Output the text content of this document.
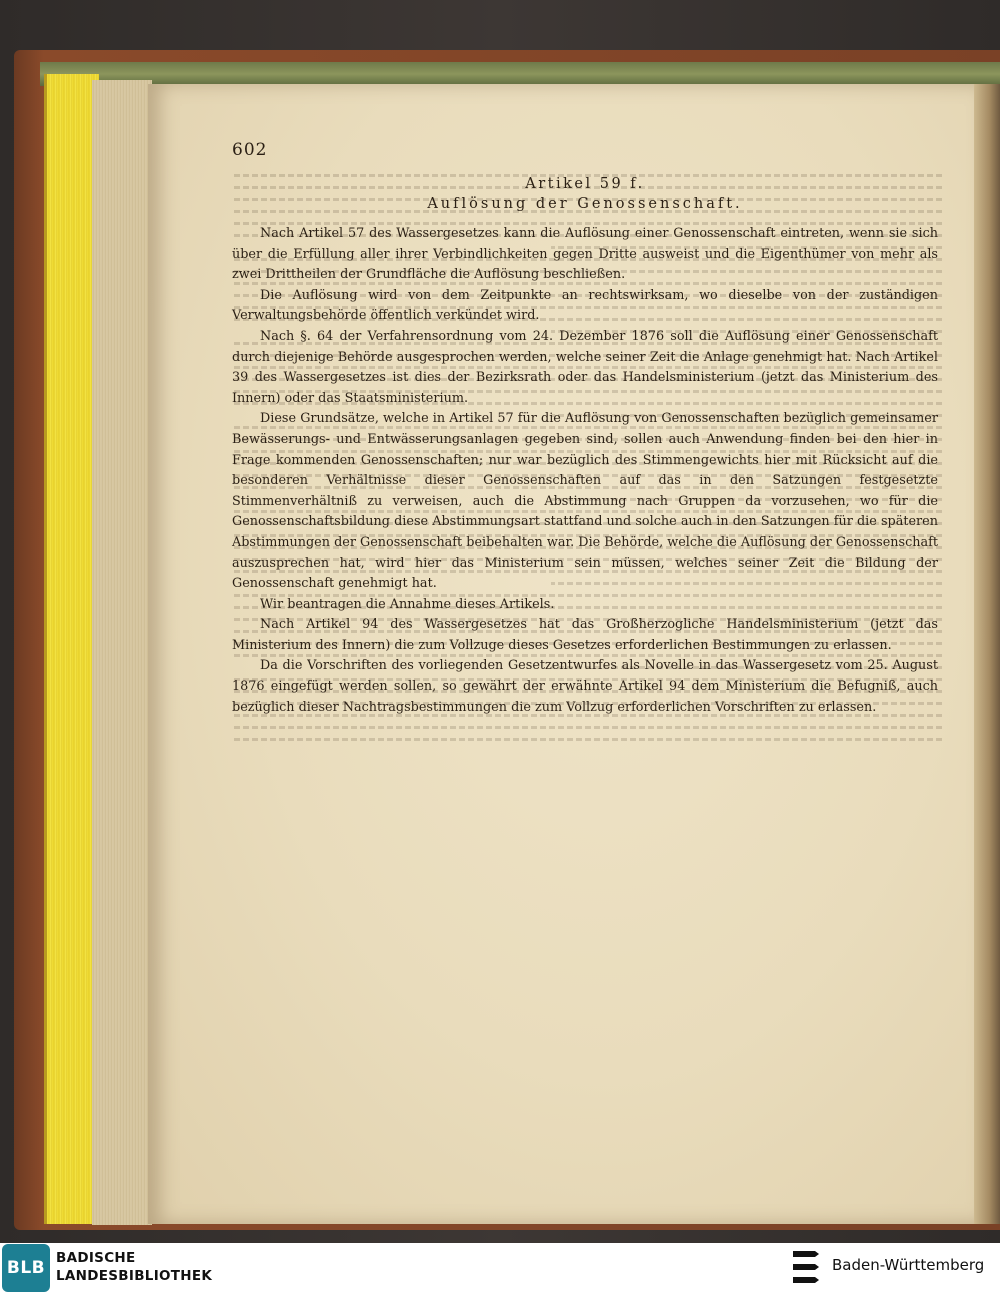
602
Artikel 59 f.
Auflösung der Genossenschaft.

Nach Artikel 57 des Wassergesetzes kann die Auflösung einer Genossenschaft eintreten, wenn sie sich über die Erfüllung aller ihrer Verbindlichkeiten gegen Dritte ausweist und die Eigenthümer von mehr als zwei Drittheilen der Grundfläche die Auflösung beschließen.

Die Auflösung wird von dem Zeitpunkte an rechtswirksam, wo dieselbe von der zuständigen Verwaltungsbehörde öffentlich verkündet wird.

Nach §. 64 der Verfahrensordnung vom 24. Dezember 1876 soll die Auflösung einer Genossenschaft durch diejenige Behörde ausgesprochen werden, welche seiner Zeit die Anlage genehmigt hat. Nach Artikel 39 des Wassergesetzes ist dies der Bezirksrath oder das Handelsministerium (jetzt das Ministerium des Innern) oder das Staatsministerium.

Diese Grundsätze, welche in Artikel 57 für die Auflösung von Genossenschaften bezüglich gemeinsamer Bewässerungs- und Entwässerungsanlagen gegeben sind, sollen auch Anwendung finden bei den hier in Frage kommenden Genossenschaften; nur war bezüglich des Stimmengewichts hier mit Rücksicht auf die besonderen Verhältnisse dieser Genossenschaften auf das in den Satzungen festgesetzte Stimmenverhältniß zu verweisen, auch die Abstimmung nach Gruppen da vorzusehen, wo für die Genossenschaftsbildung diese Abstimmungsart stattfand und solche auch in den Satzungen für die späteren Abstimmungen der Genossenschaft beibehalten war. Die Behörde, welche die Auflösung der Genossenschaft auszusprechen hat, wird hier das Ministerium sein müssen, welches seiner Zeit die Bildung der Genossenschaft genehmigt hat.

Wir beantragen die Annahme dieses Artikels.

Nach Artikel 94 des Wassergesetzes hat das Großherzogliche Handelsministerium (jetzt das Ministerium des Innern) die zum Vollzuge dieses Gesetzes erforderlichen Bestimmungen zu erlassen.

Da die Vorschriften des vorliegenden Gesetzentwurfes als Novelle in das Wassergesetz vom 25. August 1876 eingefügt werden sollen, so gewährt der erwähnte Artikel 94 dem Ministerium die Befugniß, auch bezüglich dieser Nachtragsbestimmungen die zum Vollzug erforderlichen Vorschriften zu erlassen.

BLB BADISCHE
LANDESBIBLIOTHEK
Baden-Württemberg
